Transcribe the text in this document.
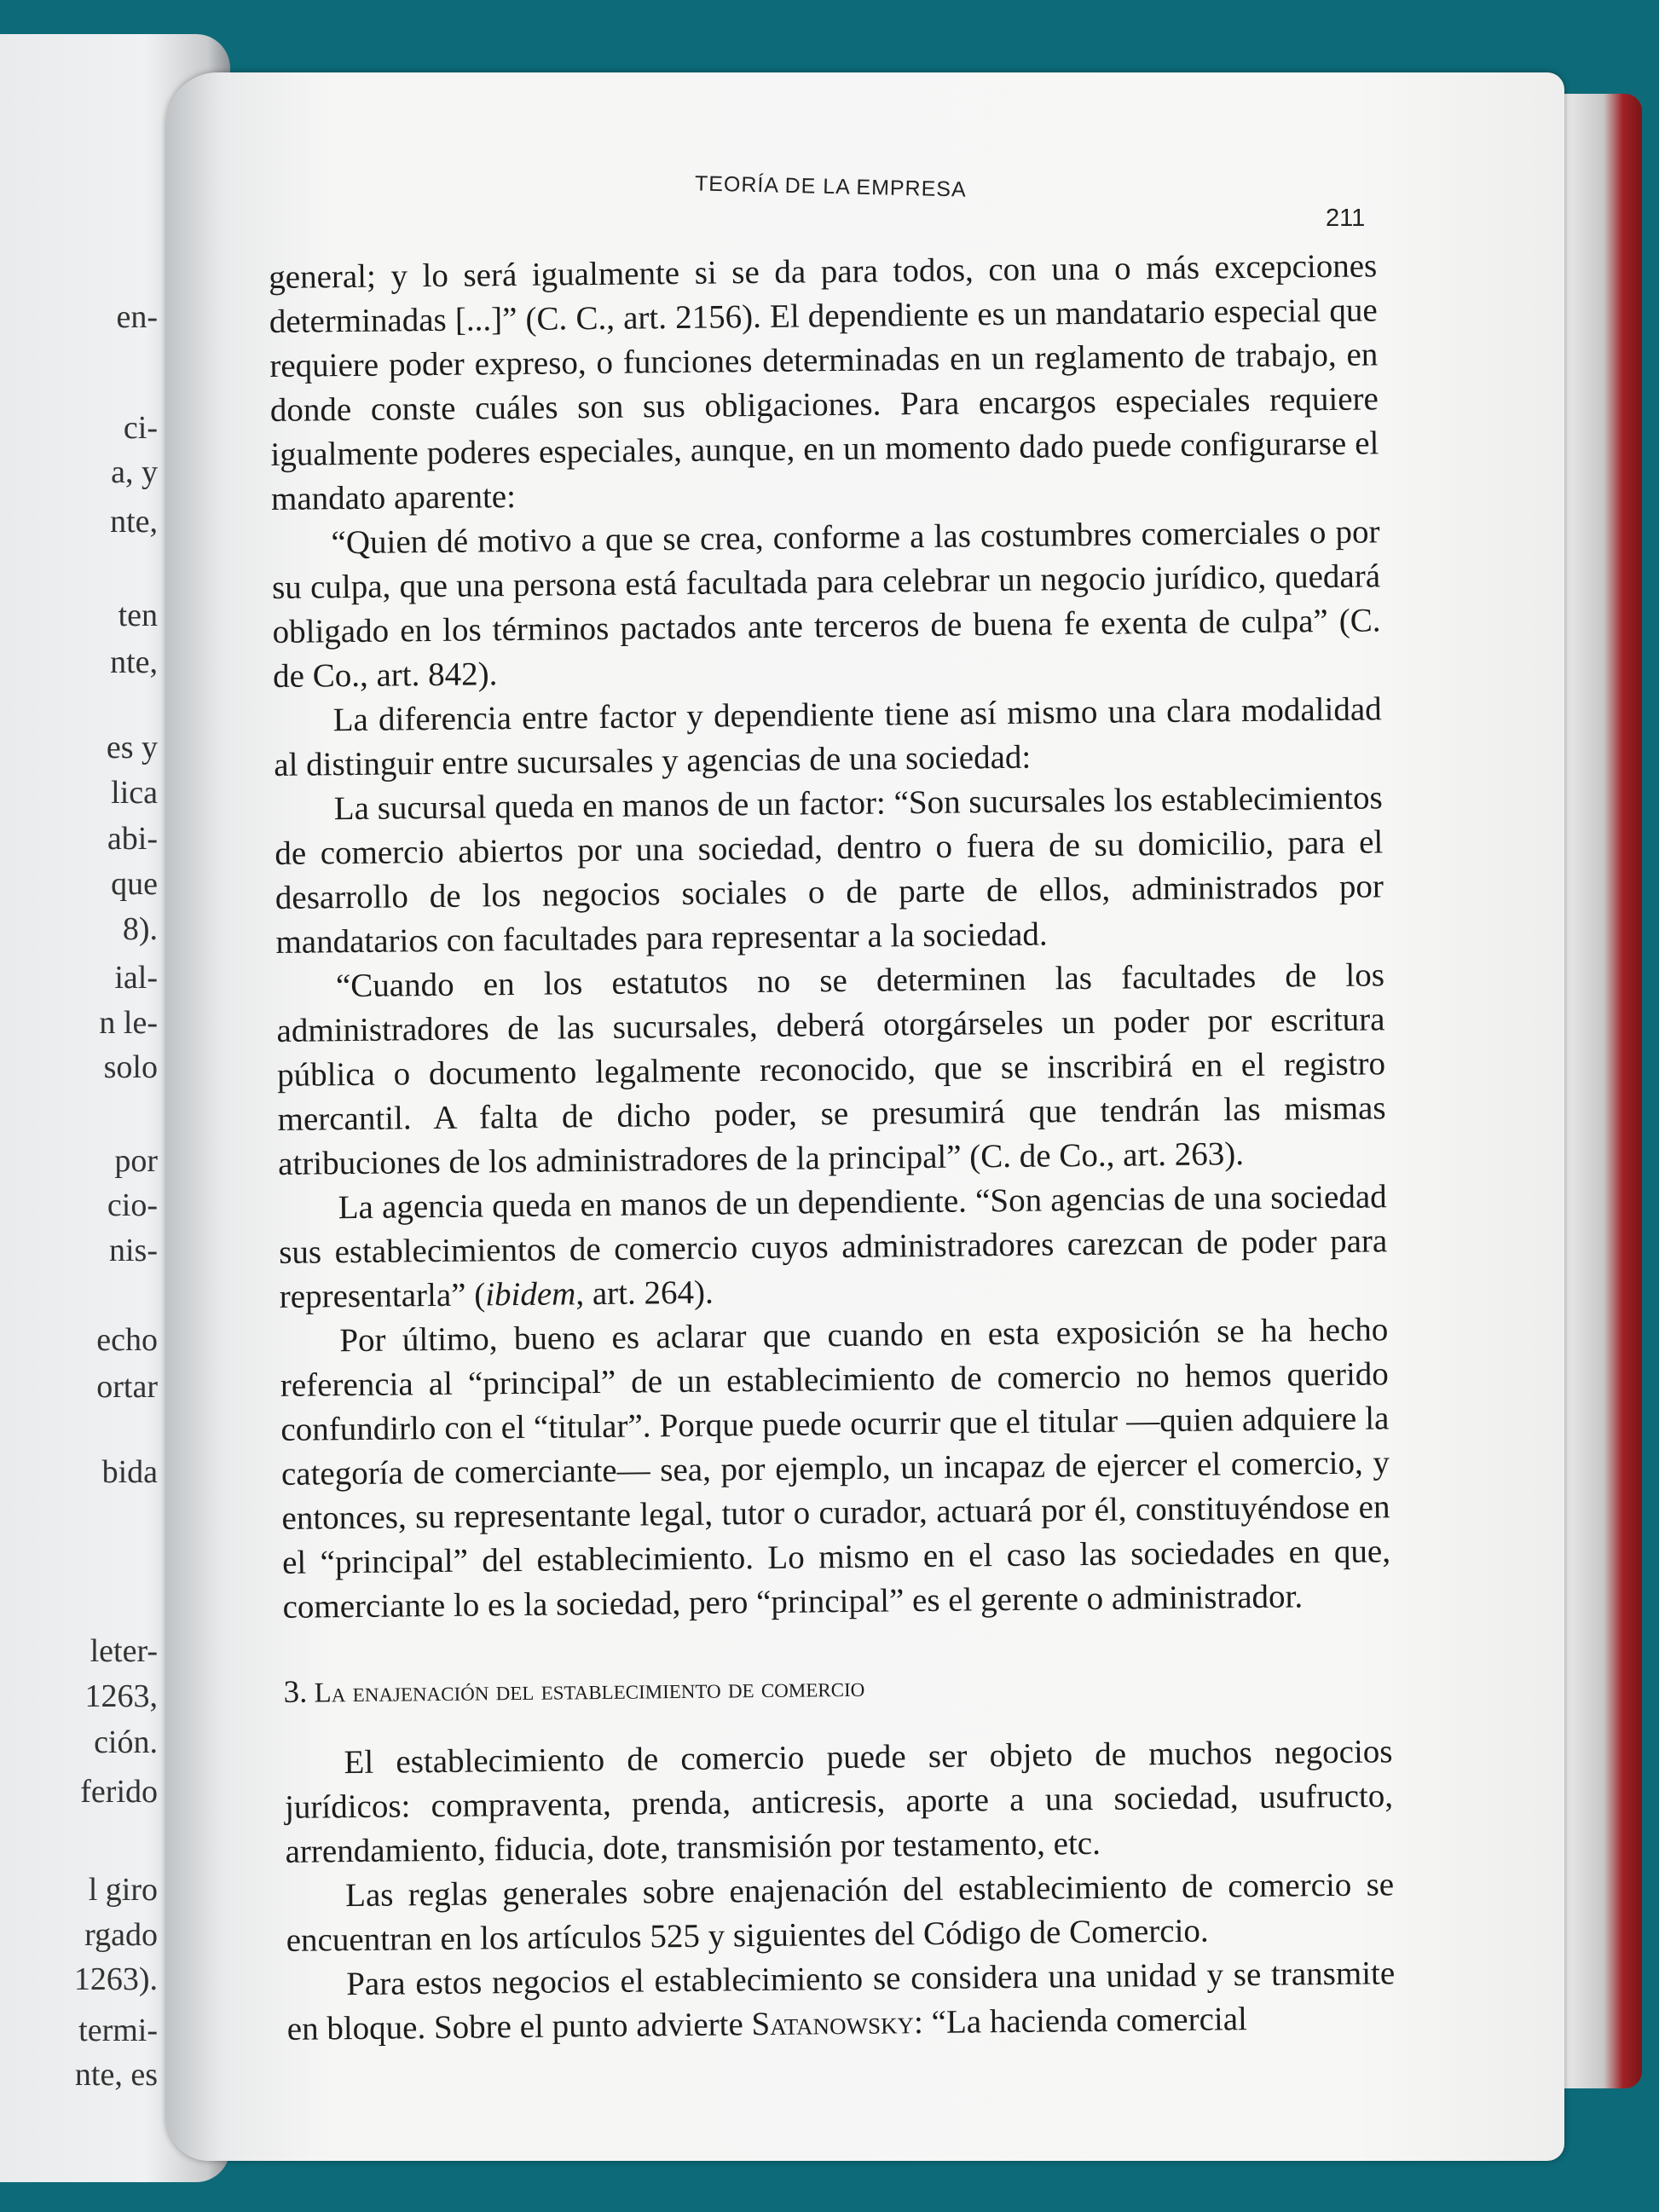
en-
ci-
a, y
nte,
ten
nte,
es y
lica
abi-
que
8).
ial-
n le-
solo
por
cio-
nis-
echo
ortar
bida
leter-
1263,
ción.
ferido
l giro
rgado
1263).
termi-
nte, es
TEORÍA DE LA EMPRESA
211

general; y lo será igualmente si se da para todos, con una o más excepciones determinadas [...]” (C. C., art. 2156). El dependiente es un mandatario especial que requiere poder expreso, o funciones determinadas en un reglamento de trabajo, en donde conste cuáles son sus obligaciones. Para encargos especiales requiere igualmente poderes especiales, aunque, en un momento dado puede configurarse el mandato aparente:

“Quien dé motivo a que se crea, conforme a las costumbres comerciales o por su culpa, que una persona está facultada para celebrar un negocio jurídico, quedará obligado en los términos pactados ante terceros de buena fe exenta de culpa” (C. de Co., art. 842).

La diferencia entre factor y dependiente tiene así mismo una clara modalidad al distinguir entre sucursales y agencias de una sociedad:

La sucursal queda en manos de un factor: “Son sucursales los establecimientos de comercio abiertos por una sociedad, dentro o fuera de su domicilio, para el desarrollo de los negocios sociales o de parte de ellos, administrados por mandatarios con facultades para representar a la sociedad.

“Cuando en los estatutos no se determinen las facultades de los administradores de las sucursales, deberá otorgárseles un poder por escritura pública o documento legalmente reconocido, que se inscribirá en el registro mercantil. A falta de dicho poder, se presumirá que tendrán las mismas atribuciones de los administradores de la principal” (C. de Co., art. 263).

La agencia queda en manos de un dependiente. “Son agencias de una sociedad sus establecimientos de comercio cuyos administradores carezcan de poder para representarla” (ibidem, art. 264).

Por último, bueno es aclarar que cuando en esta exposición se ha hecho referencia al “principal” de un establecimiento de comercio no hemos querido confundirlo con el “titular”. Porque puede ocurrir que el titular —quien adquiere la categoría de comerciante— sea, por ejemplo, un incapaz de ejercer el comercio, y entonces, su representante legal, tutor o curador, actuará por él, constituyéndose en el “principal” del establecimiento. Lo mismo en el caso las sociedades en que, comerciante lo es la sociedad, pero “principal” es el gerente o administrador.

3. La enajenación del establecimiento de comercio

El establecimiento de comercio puede ser objeto de muchos negocios jurídicos: compraventa, prenda, anticresis, aporte a una sociedad, usufructo, arrendamiento, fiducia, dote, transmisión por testamento, etc.

Las reglas generales sobre enajenación del establecimiento de comercio se encuentran en los artículos 525 y siguientes del Código de Comercio.

Para estos negocios el establecimiento se considera una unidad y se transmite en bloque. Sobre el punto advierte Satanowsky: “La hacienda comercial
